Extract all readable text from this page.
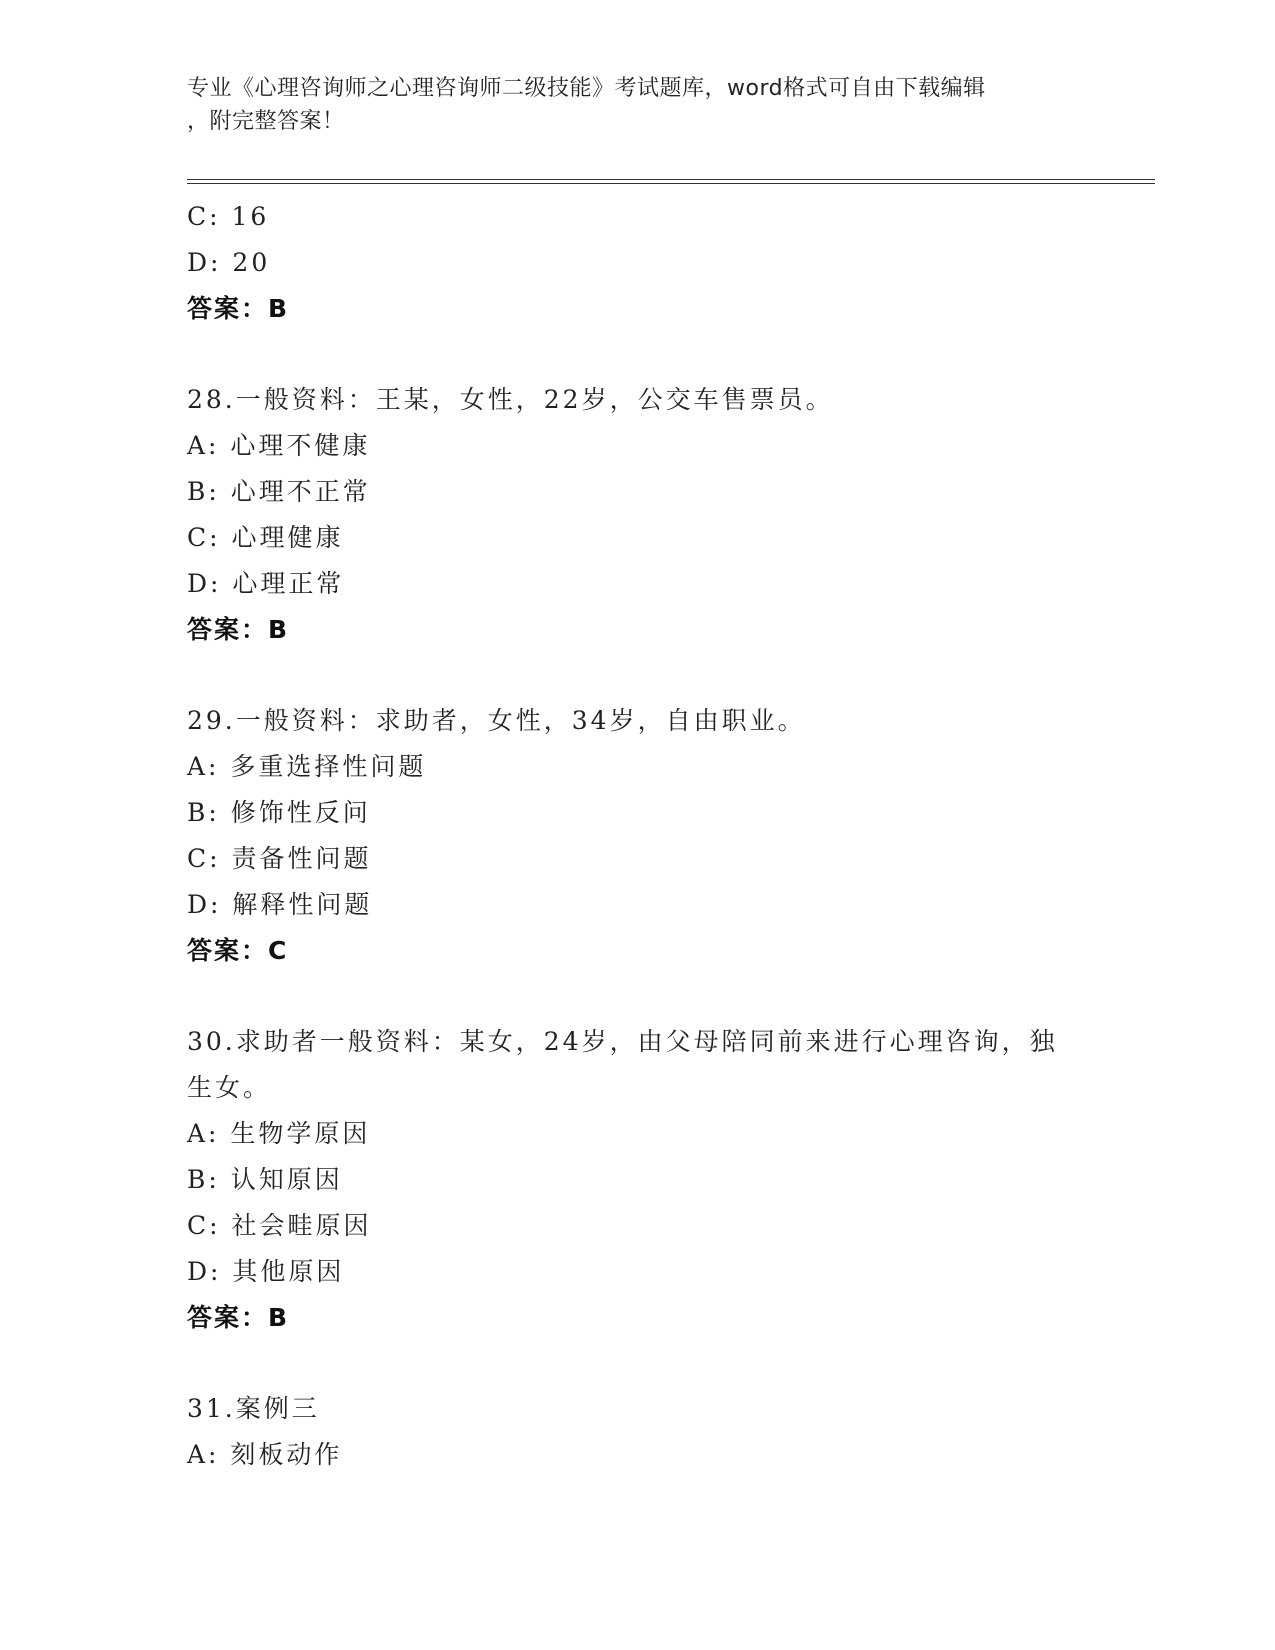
专业《心理咨询师之心理咨询师二级技能》考试题库，word格式可自由下载编辑
，附完整答案！
C: 16
D: 20
答案：B
28.一般资料：王某，女性，22岁，公交车售票员。
A: 心理不健康
B: 心理不正常
C: 心理健康
D: 心理正常
答案：B
29.一般资料：求助者，女性，34岁，自由职业。
A: 多重选择性问题
B: 修饰性反问
C: 责备性问题
D: 解释性问题
答案：C
30.求助者一般资料：某女，24岁，由父母陪同前来进行心理咨询，独
生女。
A: 生物学原因
B: 认知原因
C: 社会畦原因
D: 其他原因
答案：B
31.案例三
A: 刻板动作
